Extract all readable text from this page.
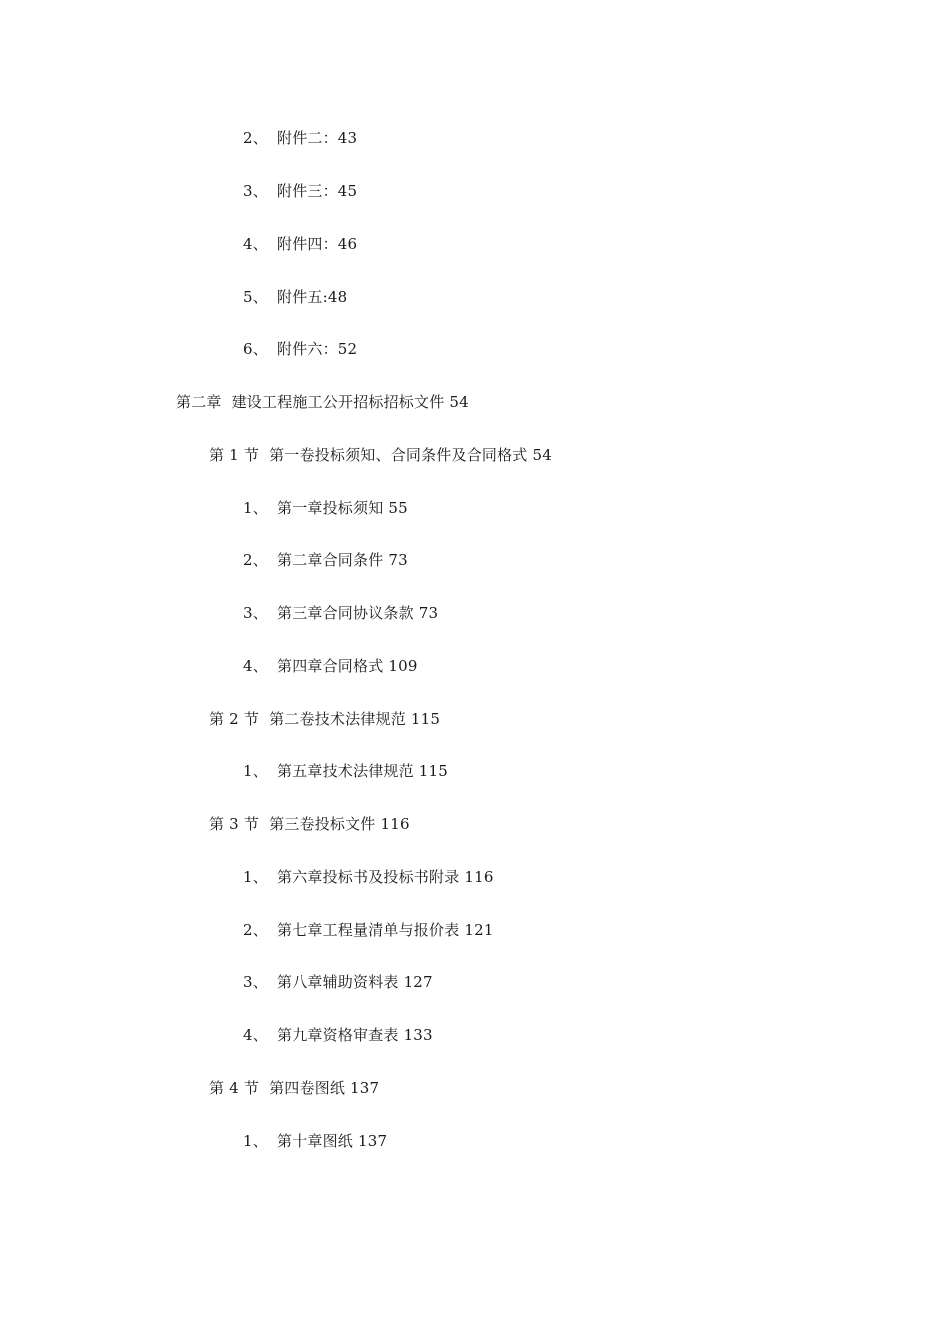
2、 附件二：43
3、 附件三：45
4、 附件四：46
5、 附件五:48
6、 附件六：52
第二章 建设工程施工公开招标招标文件 54
第 1 节 第一卷投标须知、合同条件及合同格式 54
1、 第一章投标须知 55
2、 第二章合同条件 73
3、 第三章合同协议条款 73
4、 第四章合同格式 109
第 2 节 第二卷技术法律规范 115
1、 第五章技术法律规范 115
第 3 节 第三卷投标文件 116
1、 第六章投标书及投标书附录 116
2、 第七章工程量清单与报价表 121
3、 第八章辅助资料表 127
4、 第九章资格审查表 133
第 4 节 第四卷图纸 137
1、 第十章图纸 137
